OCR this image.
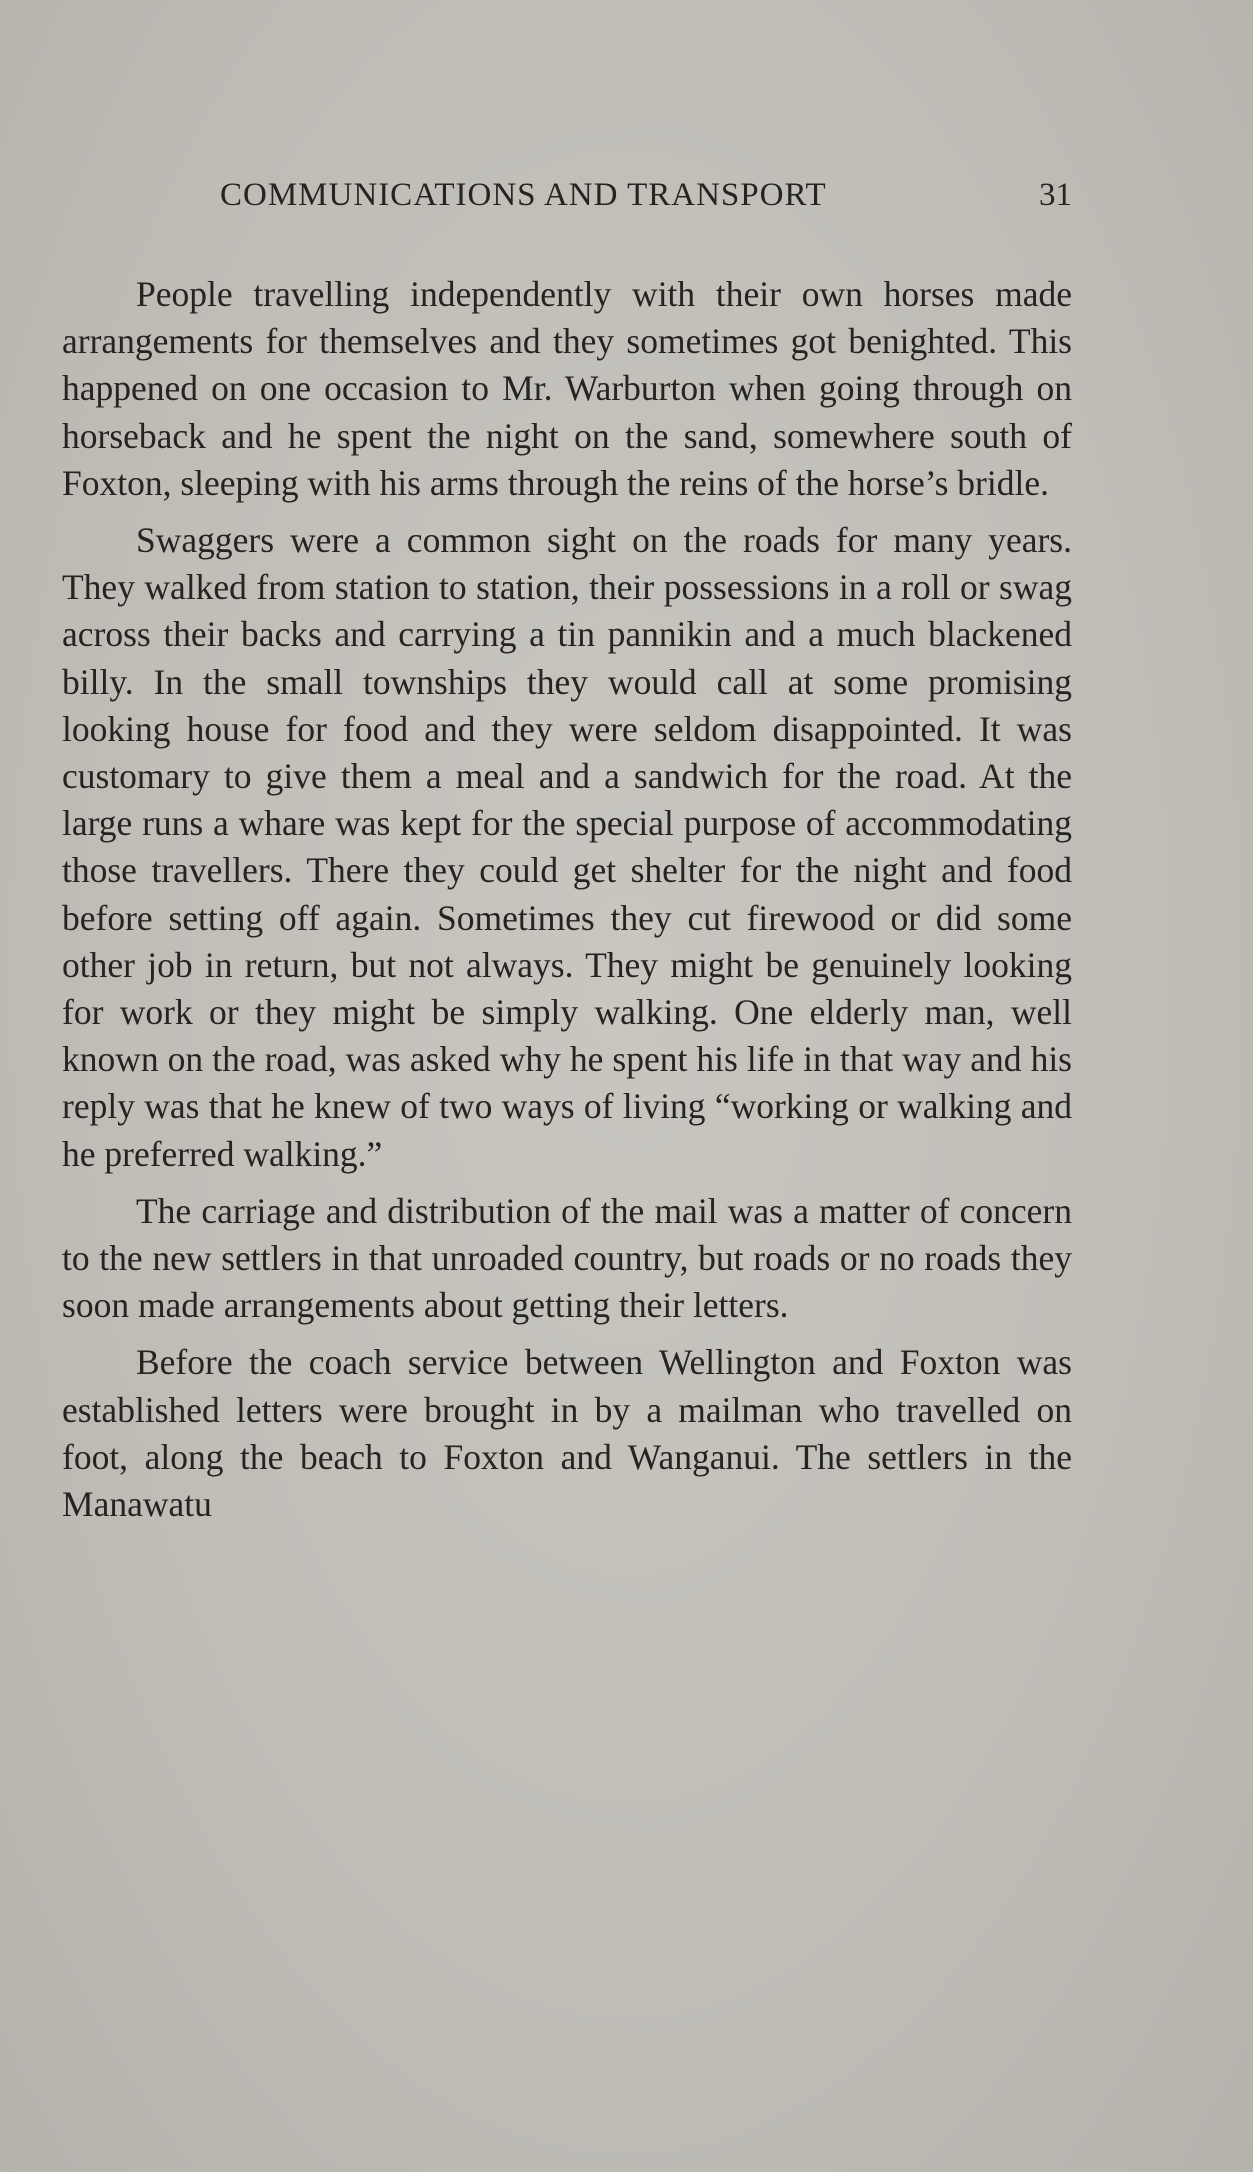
COMMUNICATIONS AND TRANSPORT	31

People travelling independently with their own horses made arrangements for themselves and they sometimes got benighted. This happened on one occasion to Mr. Warburton when going through on horseback and he spent the night on the sand, somewhere south of Foxton, sleeping with his arms through the reins of the horse’s bridle.

Swaggers were a common sight on the roads for many years. They walked from station to station, their possessions in a roll or swag across their backs and carrying a tin pannikin and a much blackened billy. In the small townships they would call at some promising looking house for food and they were seldom disappointed. It was customary to give them a meal and a sandwich for the road. At the large runs a whare was kept for the special purpose of accommodating those travellers. There they could get shelter for the night and food before setting off again. Sometimes they cut firewood or did some other job in return, but not always. They might be genuinely looking for work or they might be simply walking. One elderly man, well known on the road, was asked why he spent his life in that way and his reply was that he knew of two ways of living “working or walking and he preferred walking.”

The carriage and distribution of the mail was a matter of concern to the new settlers in that unroaded country, but roads or no roads they soon made arrangements about getting their letters.

Before the coach service between Wellington and Foxton was established letters were brought in by a mailman who travelled on foot, along the beach to Foxton and Wanganui. The settlers in the Manawatu
